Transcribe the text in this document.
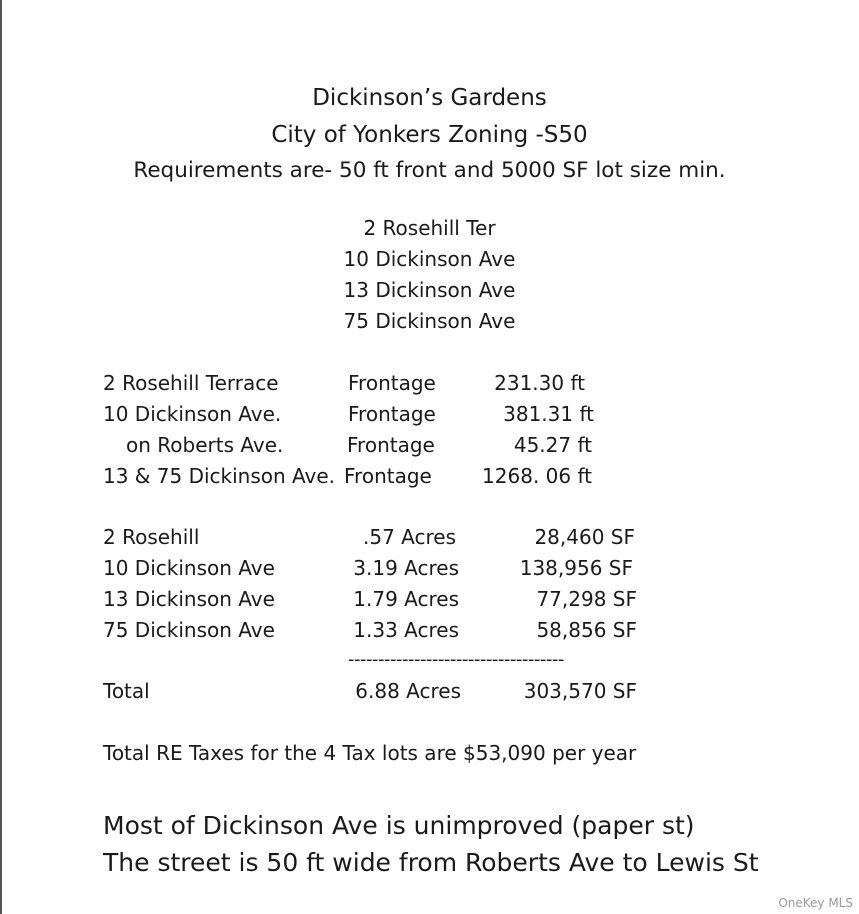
Dickinson’s Gardens
City of Yonkers Zoning -S50
Requirements are- 50 ft front and 5000 SF lot size min.
2 Rosehill Ter
10 Dickinson Ave
13 Dickinson Ave
75 Dickinson Ave
2 Rosehill Terrace	Frontage	231.30 ft
10 Dickinson Ave.	Frontage	381.31 ft
on Roberts Ave.	Frontage	45.27 ft
13 & 75 Dickinson Ave. Frontage	1268. 06 ft
2 Rosehill	.57 Acres	28,460 SF
10 Dickinson Ave	3.19 Acres	138,956 SF
13 Dickinson Ave	1.79 Acres	77,298 SF
75 Dickinson Ave	1.33 Acres	58,856 SF
------------------------------------
Total	6.88 Acres	303,570 SF
Total RE Taxes for the 4 Tax lots are $53,090 per year
Most of Dickinson Ave is unimproved (paper st)
The street is 50 ft wide from Roberts Ave to Lewis St
OneKey MLS
